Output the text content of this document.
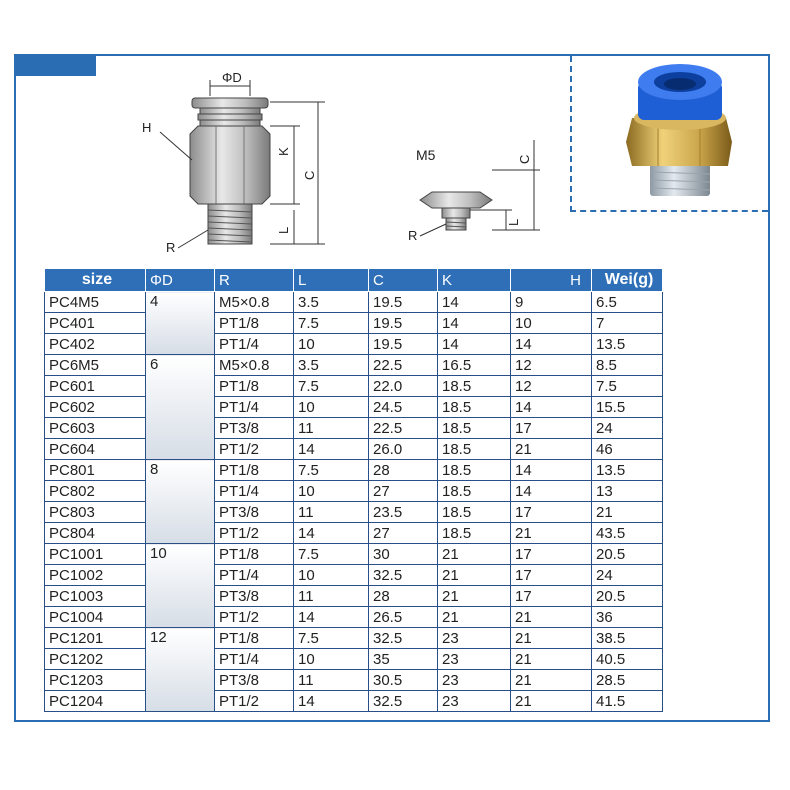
ΦD
H
K
C
L
R
M5	C
L
R
size	ΦD	R	L	C	K	H	Wei(g)
PC4M5	4	M5×0.8	3.5	19.5	14	9	6.5
PC401		PT1/8	7.5	19.5	14	10	7
PC402		PT1/4	10	19.5	14	14	13.5
PC6M5	6	M5×0.8	3.5	22.5	16.5	12	8.5
PC601		PT1/8	7.5	22.0	18.5	12	7.5
PC602		PT1/4	10	24.5	18.5	14	15.5
PC603		PT3/8	11	22.5	18.5	17	24
PC604		PT1/2	14	26.0	18.5	21	46
PC801	8	PT1/8	7.5	28	18.5	14	13.5
PC802		PT1/4	10	27	18.5	14	13
PC803		PT3/8	11	23.5	18.5	17	21
PC804		PT1/2	14	27	18.5	21	43.5
PC1001	10	PT1/8	7.5	30	21	17	20.5
PC1002		PT1/4	10	32.5	21	17	24
PC1003		PT3/8	11	28	21	17	20.5
PC1004		PT1/2	14	26.5	21	21	36
PC1201	12	PT1/8	7.5	32.5	23	21	38.5
PC1202		PT1/4	10	35	23	21	40.5
PC1203		PT3/8	11	30.5	23	21	28.5
PC1204		PT1/2	14	32.5	23	21	41.5
